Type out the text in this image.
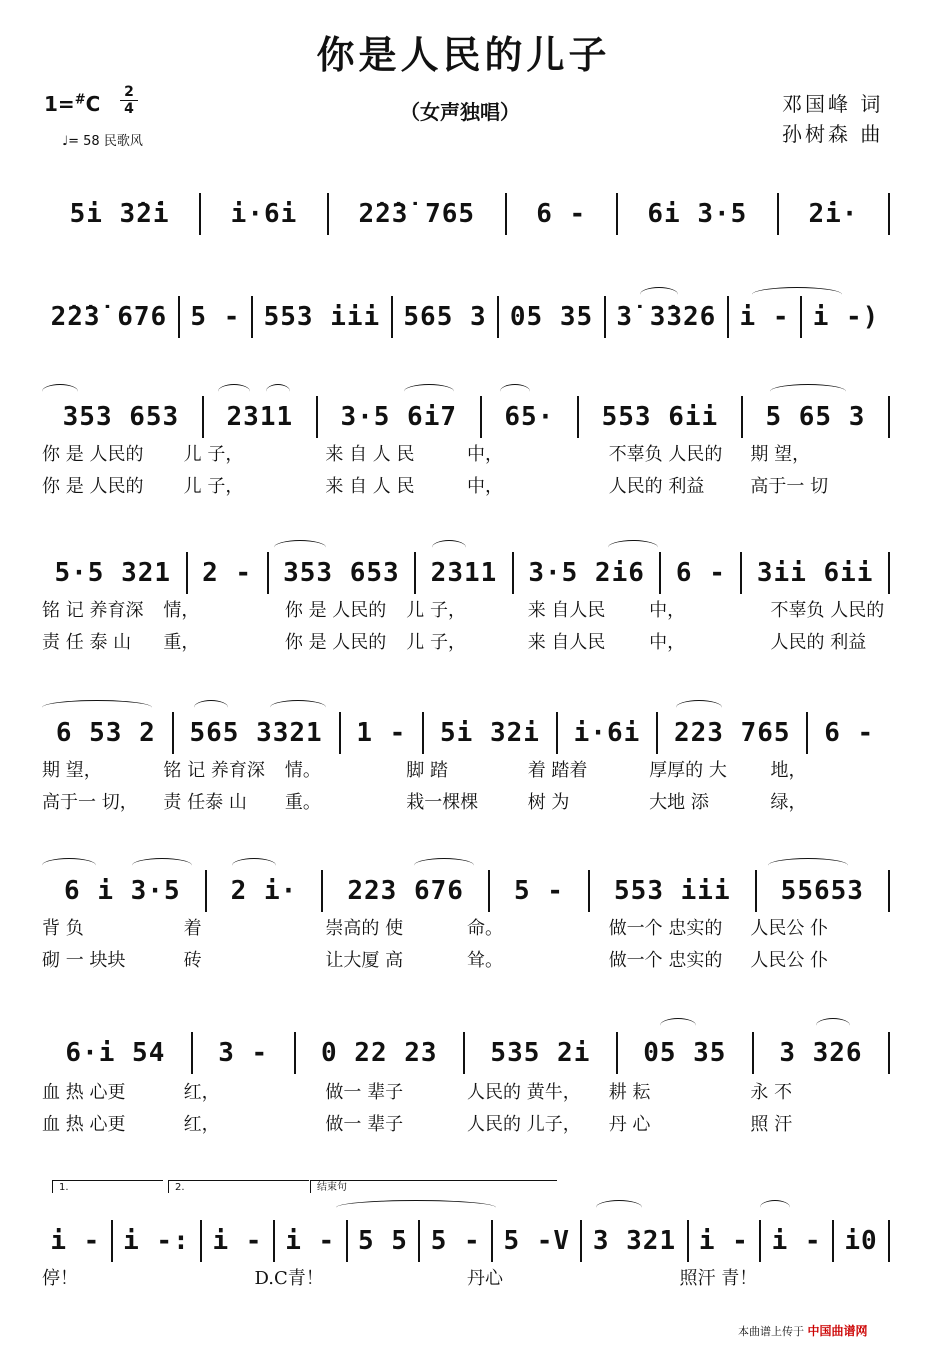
你是人民的儿子
（女声独唱）
1=#C 2
4
♩= 58 民歌风
邓国峰 词
孙树森 曲
5i 3̇2̇i	i·6i	2̇2̇3̇ 765	6 -	6i 3·5	2̇i·
2̇2̇3̇ 676 5 - 553 iii 565 3 05 35 3̇ 3̇326 i - i -)
353 653	2311	3·5 6i7	65·	553 6ii	5 65 3
你 是 人民的	儿 子，	来 自 人 民	中，	不辜负 人民的	期 望，
你 是 人民的	儿 子，	来 自 人 民	中，	人民的 利益	高于一 切
5·5 321	2 -	353 653	2311	3·5 2i6	6 -	3ii 6ii
铭 记 养育深	情，	你 是 人民的	儿 子，	来 自人民	中，	不辜负 人民的
责 任 泰 山	重，	你 是 人民的	儿 子，	来 自人民	中，	人民的 利益
6 53 2	565 3321	1 -	5i 32i	i·6i	223 765	6 -
期 望，	铭 记 养育深	情。	脚 踏	着 踏着	厚厚的 大	地，
高于一 切，	责 任泰 山	重。	栽一棵棵	树 为	大地 添	绿，
6 i 3·5	2 i·	223 676	5 -	553 iii	55653
背 负	着	崇高的 使	命。	做一个 忠实的	人民公 仆
砌 一 块块	砖	让大厦 高	耸。	做一个 忠实的	人民公 仆
6·i 54	3 -	0 22 23	535 2i	05 35	3 326
血 热 心更	红，	做一 辈子	人民的 黄牛，	耕 耘	永 不
血 热 心更	红，	做一 辈子	人民的 儿子，	丹 心	照 汗
1.	2.	结束句
i - i -: i - i - 5 5 5 - 5 -V 3 321 i - i - i0
停！	D.C青！	丹心	照汗 青！
本曲谱上传于 中国曲谱网
